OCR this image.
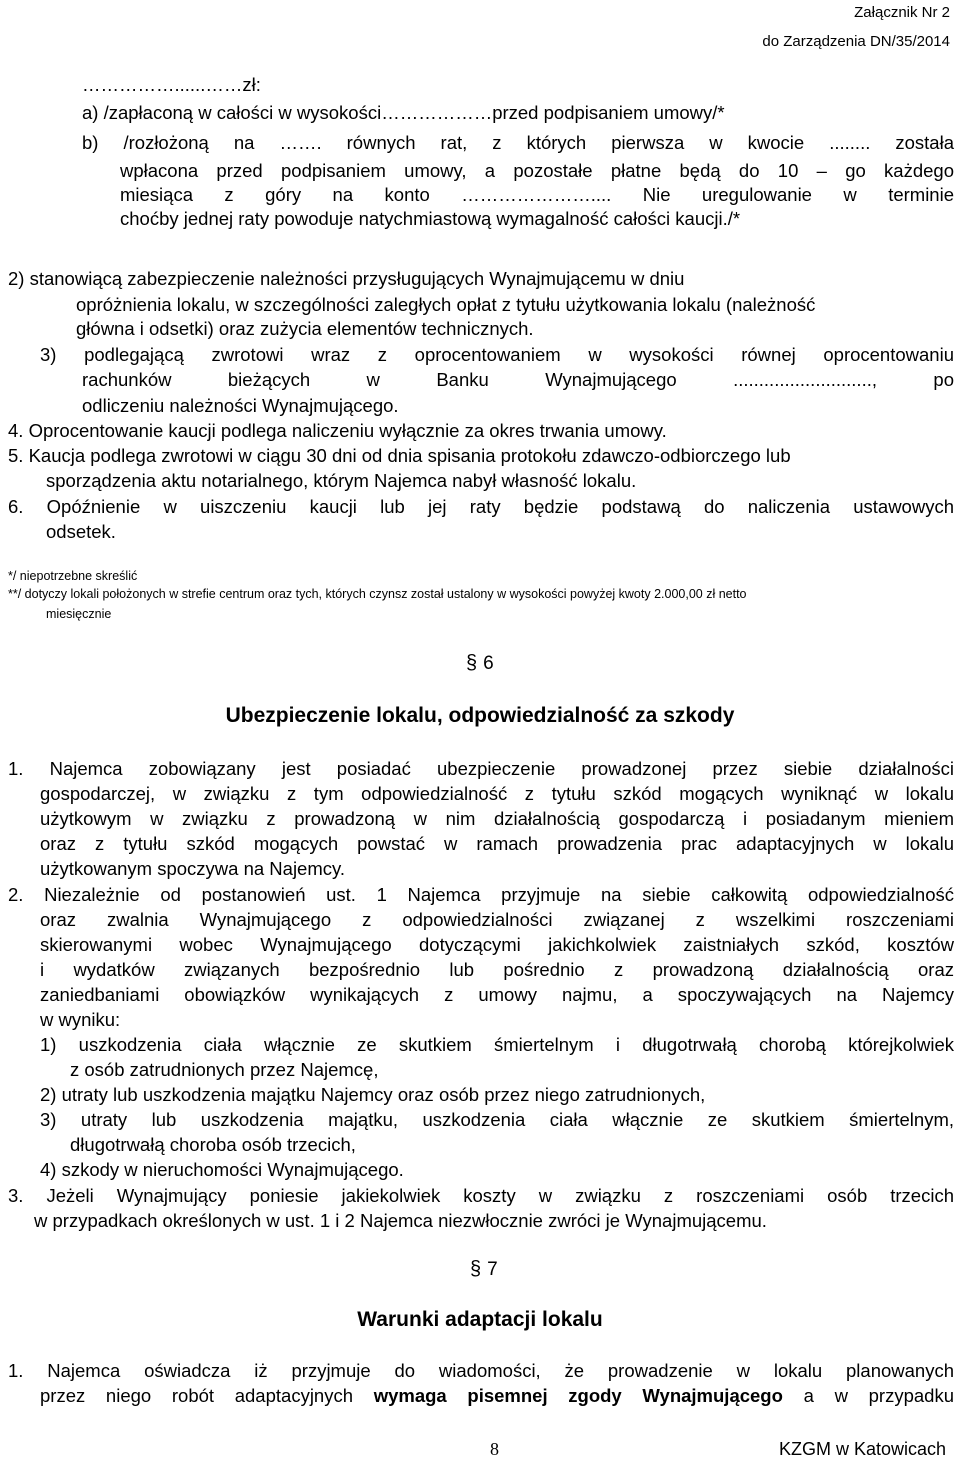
Załącznik Nr 2
do Zarządzenia DN/35/2014
……………......……zł:
a) /zapłaconą w całości w wysokości………………przed podpisaniem umowy/*
b) /rozłożoną na ……. równych rat, z których pierwsza w kwocie ........ została
wpłacona przed podpisaniem umowy, a pozostałe płatne będą do 10 – go każdego
miesiąca z góry na konto ………………….... Nie uregulowanie w terminie
choćby jednej raty powoduje natychmiastową wymagalność całości kaucji./*
2) stanowiącą zabezpieczenie należności przysługujących Wynajmującemu w dniu
opróżnienia lokalu, w szczególności zaległych opłat z tytułu użytkowania lokalu (należność
główna i odsetki) oraz zużycia elementów technicznych.
3) podlegającą zwrotowi wraz z oprocentowaniem w wysokości równej oprocentowaniu
rachunków bieżących w Banku Wynajmującego ..........................., po
odliczeniu należności Wynajmującego.
4. Oprocentowanie kaucji podlega naliczeniu wyłącznie za okres trwania umowy.
5. Kaucja podlega zwrotowi w ciągu 30 dni od dnia spisania protokołu zdawczo-odbiorczego lub
sporządzenia aktu notarialnego, którym Najemca nabył własność lokalu.
6. Opóźnienie w uiszczeniu kaucji lub jej raty będzie podstawą do naliczenia ustawowych
odsetek.
*/ niepotrzebne skreślić
**/ dotyczy lokali położonych w strefie centrum oraz tych, których czynsz został ustalony w wysokości powyżej kwoty 2.000,00 zł netto
miesięcznie
§ 6
Ubezpieczenie lokalu, odpowiedzialność za szkody
1. Najemca zobowiązany jest posiadać ubezpieczenie prowadzonej przez siebie działalności
gospodarczej, w związku z tym odpowiedzialność z tytułu szkód mogących wyniknąć w lokalu
użytkowym w związku z prowadzoną w nim działalnością gospodarczą i posiadanym mieniem
oraz z tytułu szkód mogących powstać w ramach prowadzenia prac adaptacyjnych w lokalu
użytkowanym spoczywa na Najemcy.
2. Niezależnie od postanowień ust. 1 Najemca przyjmuje na siebie całkowitą odpowiedzialność
oraz zwalnia Wynajmującego z odpowiedzialności związanej z wszelkimi roszczeniami
skierowanymi wobec Wynajmującego dotyczącymi jakichkolwiek zaistniałych szkód, kosztów
i wydatków związanych bezpośrednio lub pośrednio z prowadzoną działalnością oraz
zaniedbaniami obowiązków wynikających z umowy najmu, a spoczywających na Najemcy
w wyniku:
1) uszkodzenia ciała włącznie ze skutkiem śmiertelnym i długotrwałą chorobą którejkolwiek
z osób zatrudnionych przez Najemcę,
2) utraty lub uszkodzenia majątku Najemcy oraz osób przez niego zatrudnionych,
3) utraty lub uszkodzenia majątku, uszkodzenia ciała włącznie ze skutkiem śmiertelnym,
długotrwałą choroba osób trzecich,
4) szkody w nieruchomości Wynajmującego.
3. Jeżeli Wynajmujący poniesie jakiekolwiek koszty w związku z roszczeniami osób trzecich
w przypadkach określonych w ust. 1 i 2 Najemca niezwłocznie zwróci je Wynajmującemu.
§ 7
Warunki adaptacji lokalu
1. Najemca oświadcza iż przyjmuje do wiadomości, że prowadzenie w lokalu planowanych
przez niego robót adaptacyjnych wymaga pisemnej zgody Wynajmującego a w przypadku
8	KZGM w Katowicach
